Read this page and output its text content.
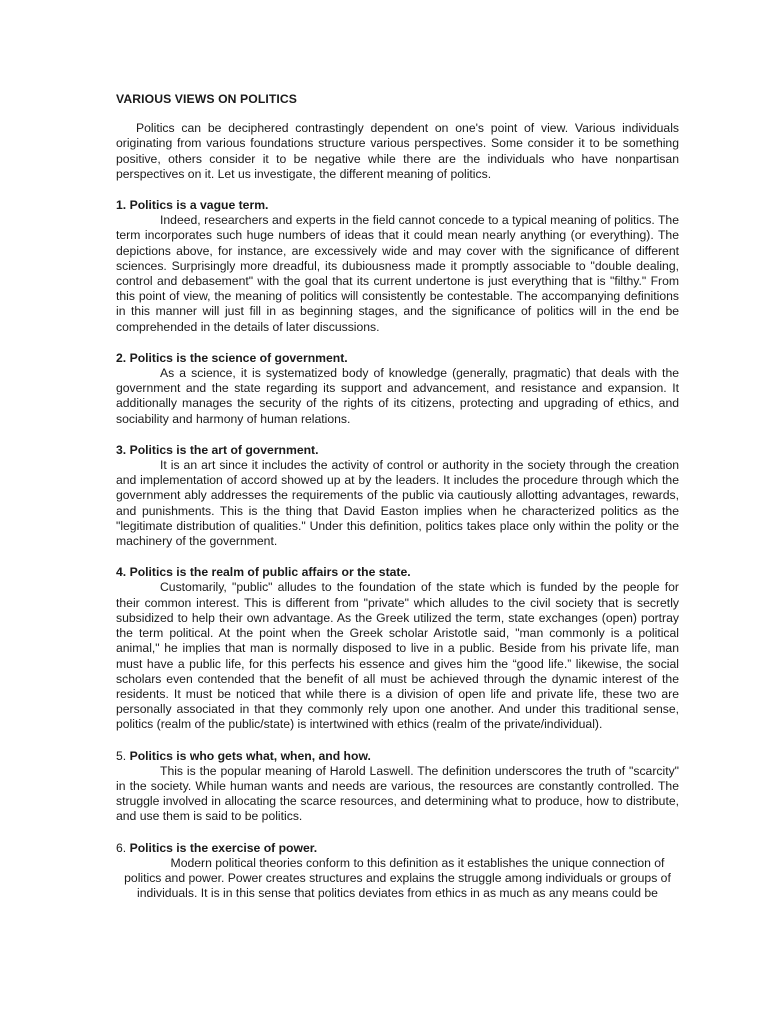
VARIOUS VIEWS ON POLITICS

Politics can be deciphered contrastingly dependent on one's point of view. Various individuals originating from various foundations structure various perspectives. Some consider it to be something positive, others consider it to be negative while there are the individuals who have nonpartisan perspectives on it. Let us investigate, the different meaning of politics.

1. Politics is a vague term.

Indeed, researchers and experts in the field cannot concede to a typical meaning of politics. The term incorporates such huge numbers of ideas that it could mean nearly anything (or everything). The depictions above, for instance, are excessively wide and may cover with the significance of different sciences. Surprisingly more dreadful, its dubiousness made it promptly associable to "double dealing, control and debasement" with the goal that its current undertone is just everything that is "filthy." From this point of view, the meaning of politics will consistently be contestable. The accompanying definitions in this manner will just fill in as beginning stages, and the significance of politics will in the end be comprehended in the details of later discussions.

2. Politics is the science of government.

As a science, it is systematized body of knowledge (generally, pragmatic) that deals with the government and the state regarding its support and advancement, and resistance and expansion. It additionally manages the security of the rights of its citizens, protecting and upgrading of ethics, and sociability and harmony of human relations.

3. Politics is the art of government.

It is an art since it includes the activity of control or authority in the society through the creation and implementation of accord showed up at by the leaders. It includes the procedure through which the government ably addresses the requirements of the public via cautiously allotting advantages, rewards, and punishments. This is the thing that David Easton implies when he characterized politics as the "legitimate distribution of qualities." Under this definition, politics takes place only within the polity or the machinery of the government.

4. Politics is the realm of public affairs or the state.

Customarily, "public" alludes to the foundation of the state which is funded by the people for their common interest. This is different from "private" which alludes to the civil society that is secretly subsidized to help their own advantage. As the Greek utilized the term, state exchanges (open) portray the term political. At the point when the Greek scholar Aristotle said, "man commonly is a political animal," he implies that man is normally disposed to live in a public. Beside from his private life, man must have a public life, for this perfects his essence and gives him the “good life.” likewise, the social scholars even contended that the benefit of all must be achieved through the dynamic interest of the residents. It must be noticed that while there is a division of open life and private life, these two are personally associated in that they commonly rely upon one another. And under this traditional sense, politics (realm of the public/state) is intertwined with ethics (realm of the private/individual).

5. Politics is who gets what, when, and how.

This is the popular meaning of Harold Laswell. The definition underscores the truth of "scarcity" in the society. While human wants and needs are various, the resources are constantly controlled. The struggle involved in allocating the scarce resources, and determining what to produce, how to distribute, and use them is said to be politics.

6. Politics is the exercise of power.

Modern political theories conform to this definition as it establishes the unique connection of politics and power. Power creates structures and explains the struggle among individuals or groups of individuals. It is in this sense that politics deviates from ethics in as much as any means could be
